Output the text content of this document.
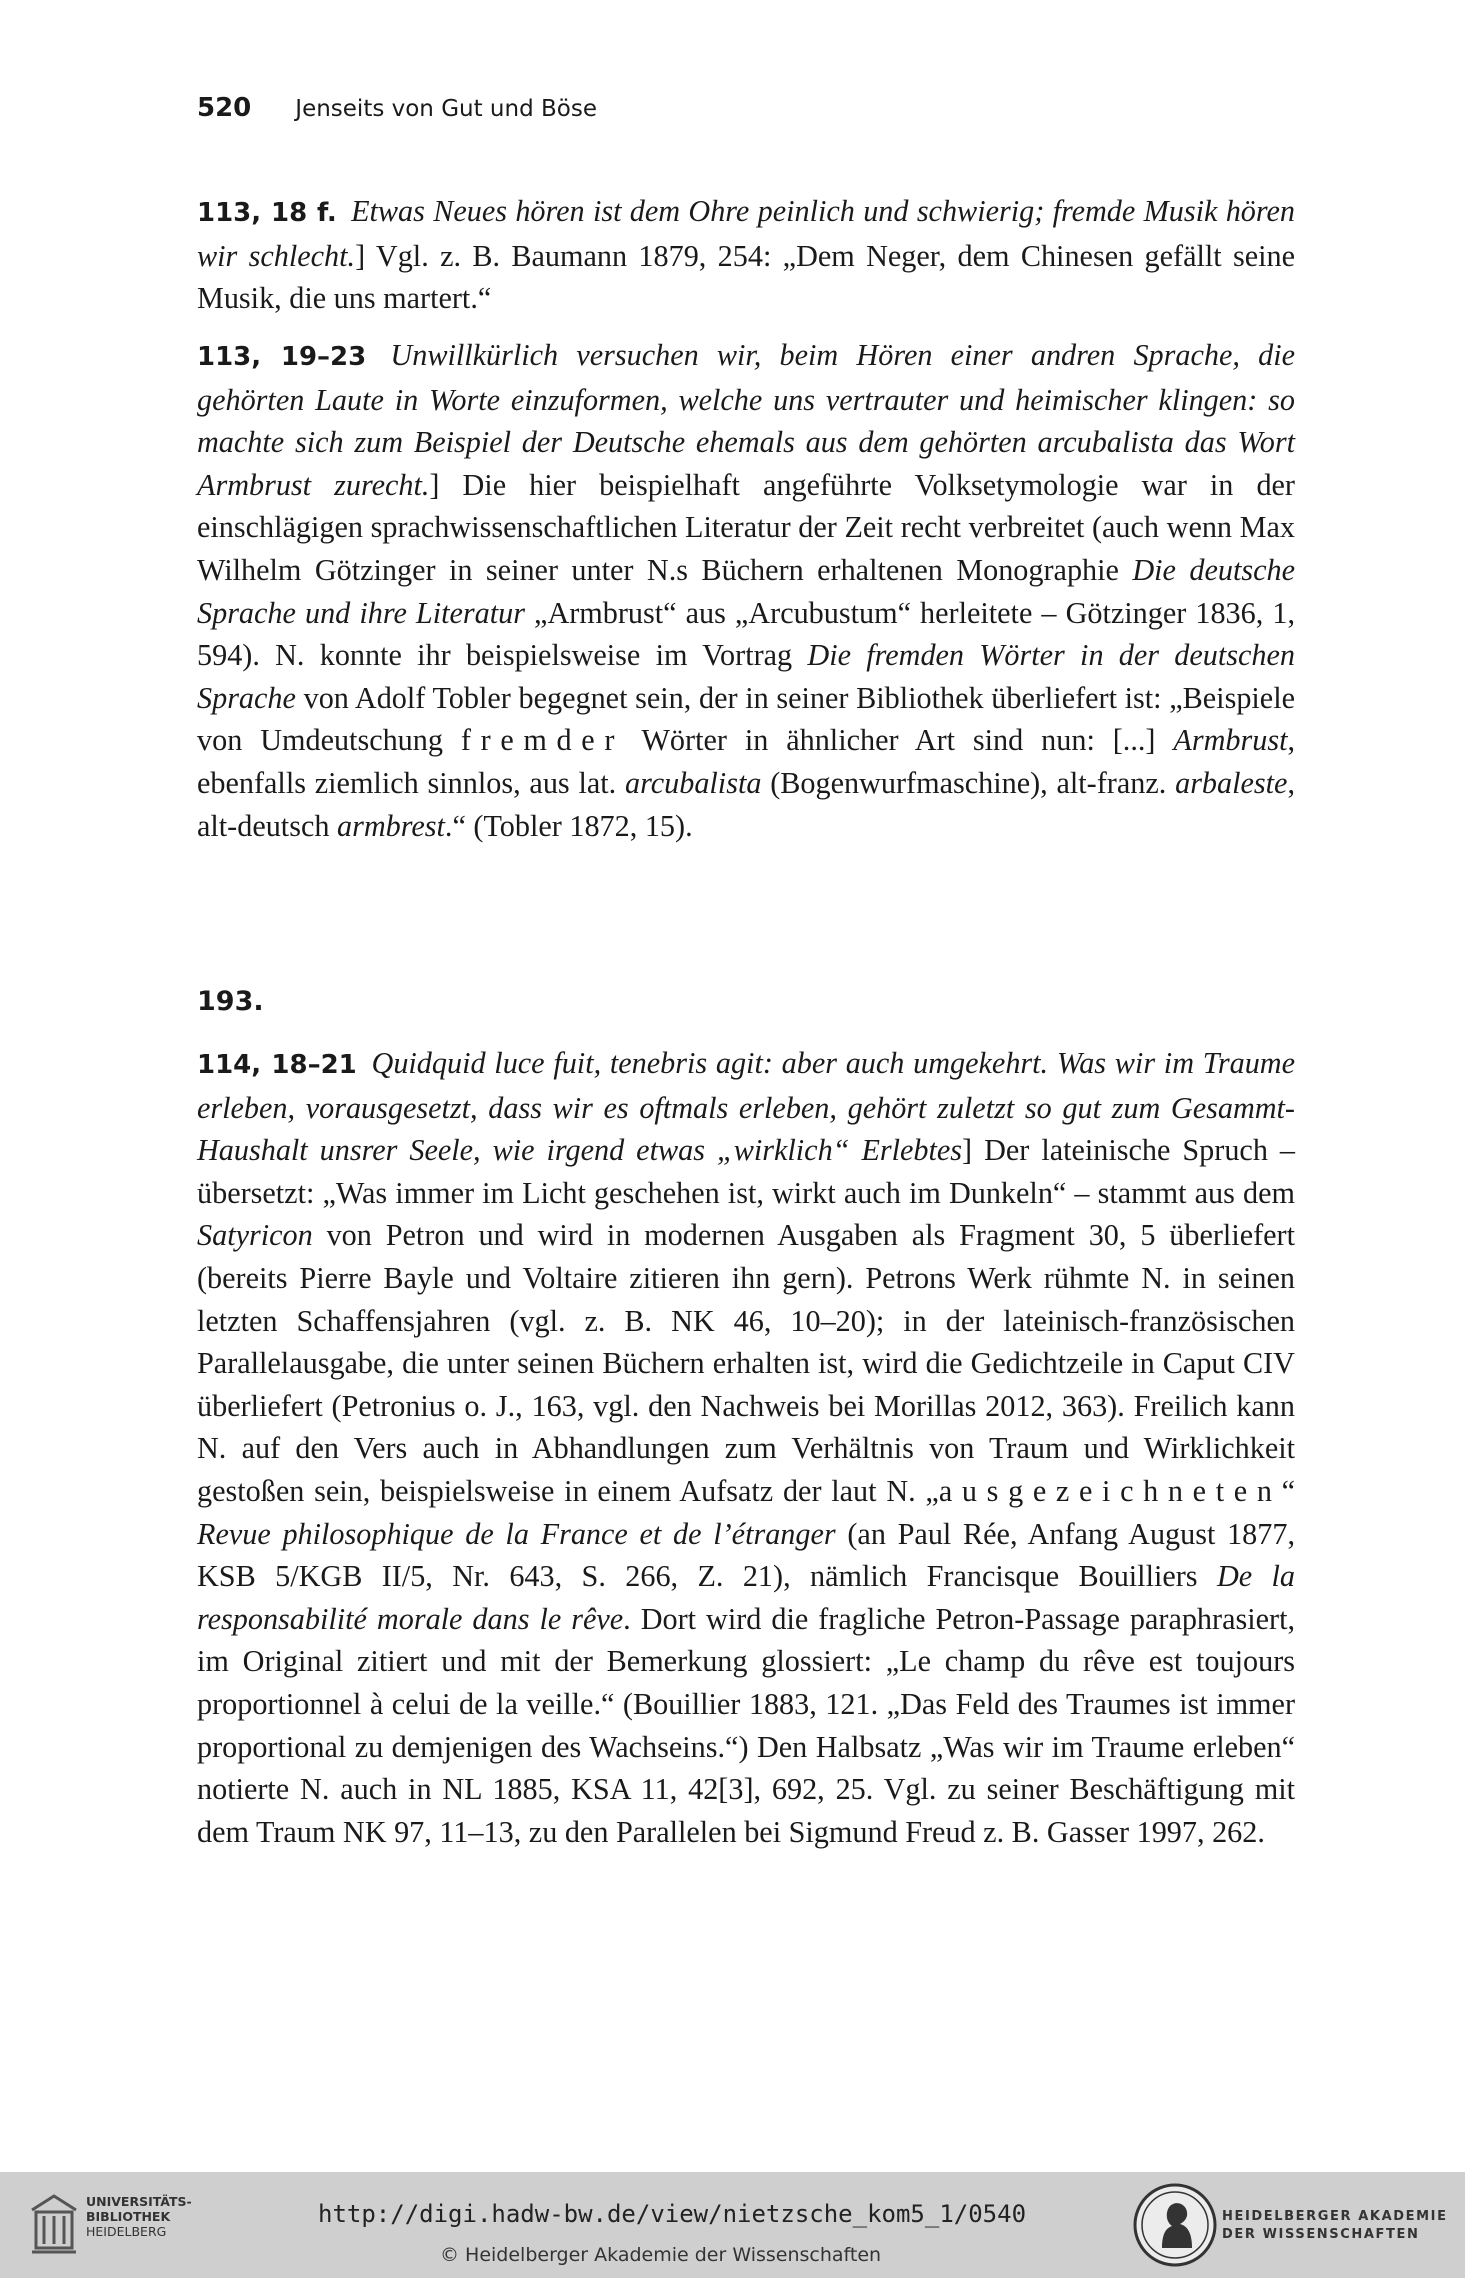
520 Jenseits von Gut und Böse
113, 18 f. Etwas Neues hören ist dem Ohre peinlich und schwierig; fremde Musik hören wir schlecht.] Vgl. z. B. Baumann 1879, 254: „Dem Neger, dem Chinesen gefällt seine Musik, die uns martert.“
113, 19–23 Unwillkürlich versuchen wir, beim Hören einer andren Sprache, die gehörten Laute in Worte einzuformen, welche uns vertrauter und heimischer klingen: so machte sich zum Beispiel der Deutsche ehemals aus dem gehörten arcubalista das Wort Armbrust zurecht.] Die hier beispielhaft angeführte Volksetymologie war in der einschlägigen sprachwissenschaftlichen Literatur der Zeit recht verbreitet (auch wenn Max Wilhelm Götzinger in seiner unter N.s Büchern erhaltenen Monographie Die deutsche Sprache und ihre Literatur „Armbrust“ aus „Arcubustum“ herleitete – Götzinger 1836, 1, 594). N. konnte ihr beispielsweise im Vortrag Die fremden Wörter in der deutschen Sprache von Adolf Tobler begegnet sein, der in seiner Bibliothek überliefert ist: „Beispiele von Umdeutschung fremder Wörter in ähnlicher Art sind nun: [...] Armbrust, ebenfalls ziemlich sinnlos, aus lat. arcubalista (Bogenwurfmaschine), alt-franz. arbaleste, alt-deutsch armbrest.“ (Tobler 1872, 15).
193.
114, 18–21 Quidquid luce fuit, tenebris agit: aber auch umgekehrt. Was wir im Traume erleben, vorausgesetzt, dass wir es oftmals erleben, gehört zuletzt so gut zum Gesammt-Haushalt unsrer Seele, wie irgend etwas „wirklich“ Erlebtes] Der lateinische Spruch – übersetzt: „Was immer im Licht geschehen ist, wirkt auch im Dunkeln“ – stammt aus dem Satyricon von Petron und wird in modernen Ausgaben als Fragment 30, 5 überliefert (bereits Pierre Bayle und Voltaire zitieren ihn gern). Petrons Werk rühmte N. in seinen letzten Schaffensjahren (vgl. z. B. NK 46, 10–20); in der lateinisch-französischen Parallelausgabe, die unter seinen Büchern erhalten ist, wird die Gedichtzeile in Caput CIV überliefert (Petronius o. J., 163, vgl. den Nachweis bei Morillas 2012, 363). Freilich kann N. auf den Vers auch in Abhandlungen zum Verhältnis von Traum und Wirklichkeit gestoßen sein, beispielsweise in einem Aufsatz der laut N. „ausgezeichneten“ Revue philosophique de la France et de l’étranger (an Paul Rée, Anfang August 1877, KSB 5/KGB II/5, Nr. 643, S. 266, Z. 21), nämlich Francisque Bouilliers De la responsabilité morale dans le rêve. Dort wird die fragliche Petron-Passage paraphrasiert, im Original zitiert und mit der Bemerkung glossiert: „Le champ du rêve est toujours proportionnel à celui de la veille.“ (Bouillier 1883, 121. „Das Feld des Traumes ist immer proportional zu demjenigen des Wachseins.“) Den Halbsatz „Was wir im Traume erleben“ notierte N. auch in NL 1885, KSA 11, 42[3], 692, 25. Vgl. zu seiner Beschäftigung mit dem Traum NK 97, 11–13, zu den Parallelen bei Sigmund Freud z. B. Gasser 1997, 262.
UNIVERSITÄTS-
BIBLIOTHEK
HEIDELBERG
http://digi.hadw-bw.de/view/nietzsche_kom5_1/0540
© Heidelberger Akademie der Wissenschaften
HEIDELBERGER AKADEMIE
DER WISSENSCHAFTEN
